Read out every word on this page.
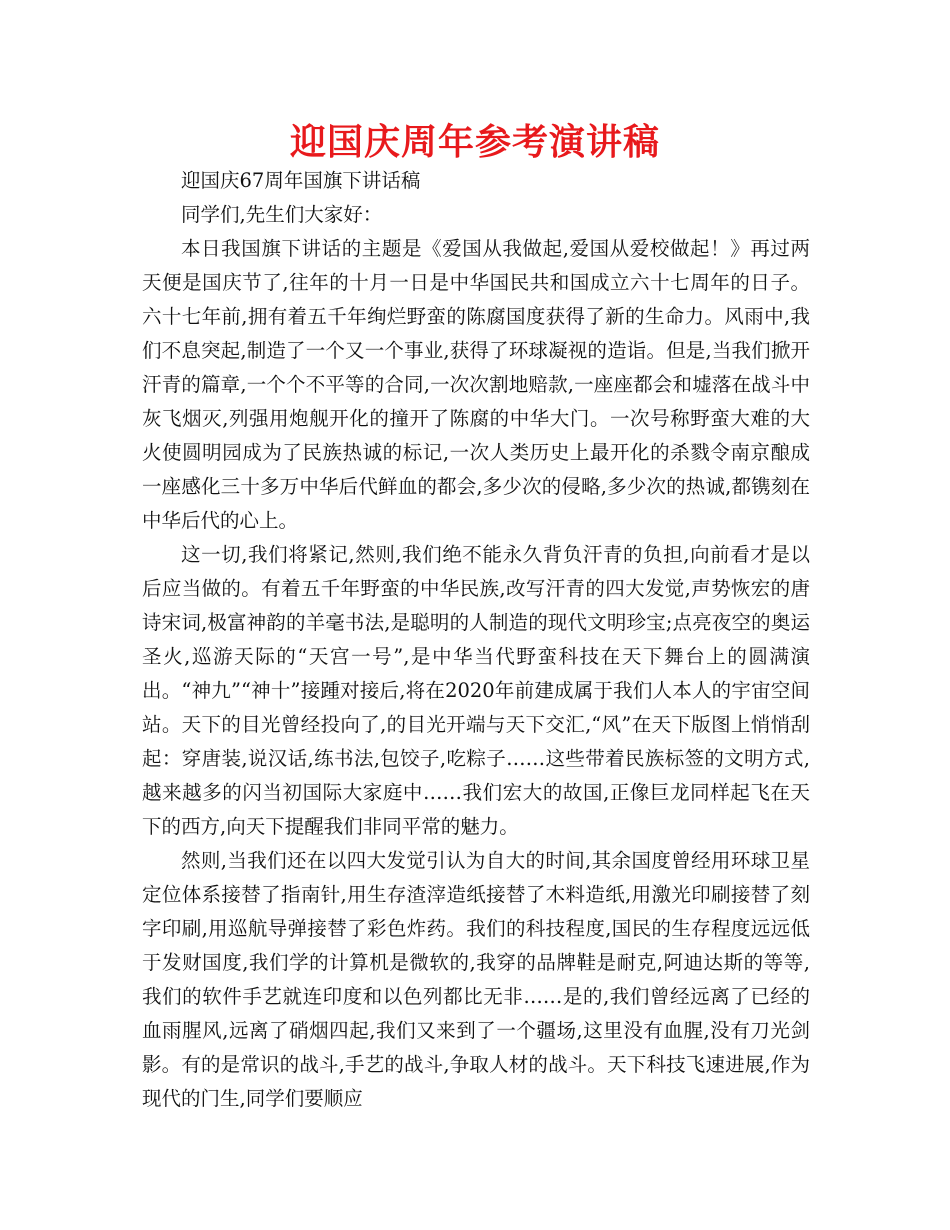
迎国庆周年参考演讲稿

迎国庆67周年国旗下讲话稿

同学们,先生们大家好：

本日我国旗下讲话的主题是《爱国从我做起,爱国从爱校做起！》再过两天便是国庆节了,往年的十月一日是中华国民共和国成立六十七周年的日子。六十七年前,拥有着五千年绚烂野蛮的陈腐国度获得了新的生命力。风雨中,我们不息突起,制造了一个又一个事业,获得了环球凝视的造诣。但是,当我们掀开汗青的篇章,一个个不平等的合同,一次次割地赔款,一座座都会和墟落在战斗中灰飞烟灭,列强用炮舰开化的撞开了陈腐的中华大门。一次号称野蛮大难的大火使圆明园成为了民族热诚的标记,一次人类历史上最开化的杀戮令南京酿成一座感化三十多万中华后代鲜血的都会,多少次的侵略,多少次的热诚,都镌刻在中华后代的心上。

这一切,我们将紧记,然则,我们绝不能永久背负汗青的负担,向前看才是以后应当做的。有着五千年野蛮的中华民族,改写汗青的四大发觉,声势恢宏的唐诗宋词,极富神韵的羊毫书法,是聪明的人制造的现代文明珍宝;点亮夜空的奥运圣火,巡游天际的“天宫一号”,是中华当代野蛮科技在天下舞台上的圆满演出。“神九”“神十”接踵对接后,将在2020年前建成属于我们人本人的宇宙空间站。天下的目光曾经投向了,的目光开端与天下交汇,“风”在天下版图上悄悄刮起：穿唐装,说汉话,练书法,包饺子,吃粽子……这些带着民族标签的文明方式,越来越多的闪当初国际大家庭中……我们宏大的故国,正像巨龙同样起飞在天下的西方,向天下提醒我们非同平常的魅力。

然则,当我们还在以四大发觉引认为自大的时间,其余国度曾经用环球卫星定位体系接替了指南针,用生存渣滓造纸接替了木料造纸,用激光印刷接替了刻字印刷,用巡航导弹接替了彩色炸药。我们的科技程度,国民的生存程度远远低于发财国度,我们学的计算机是微软的,我穿的品牌鞋是耐克,阿迪达斯的等等,我们的软件手艺就连印度和以色列都比无非……是的,我们曾经远离了已经的血雨腥风,远离了硝烟四起,我们又来到了一个疆场,这里没有血腥,没有刀光剑影。有的是常识的战斗,手艺的战斗,争取人材的战斗。天下科技飞速进展,作为现代的门生,同学们要顺应
